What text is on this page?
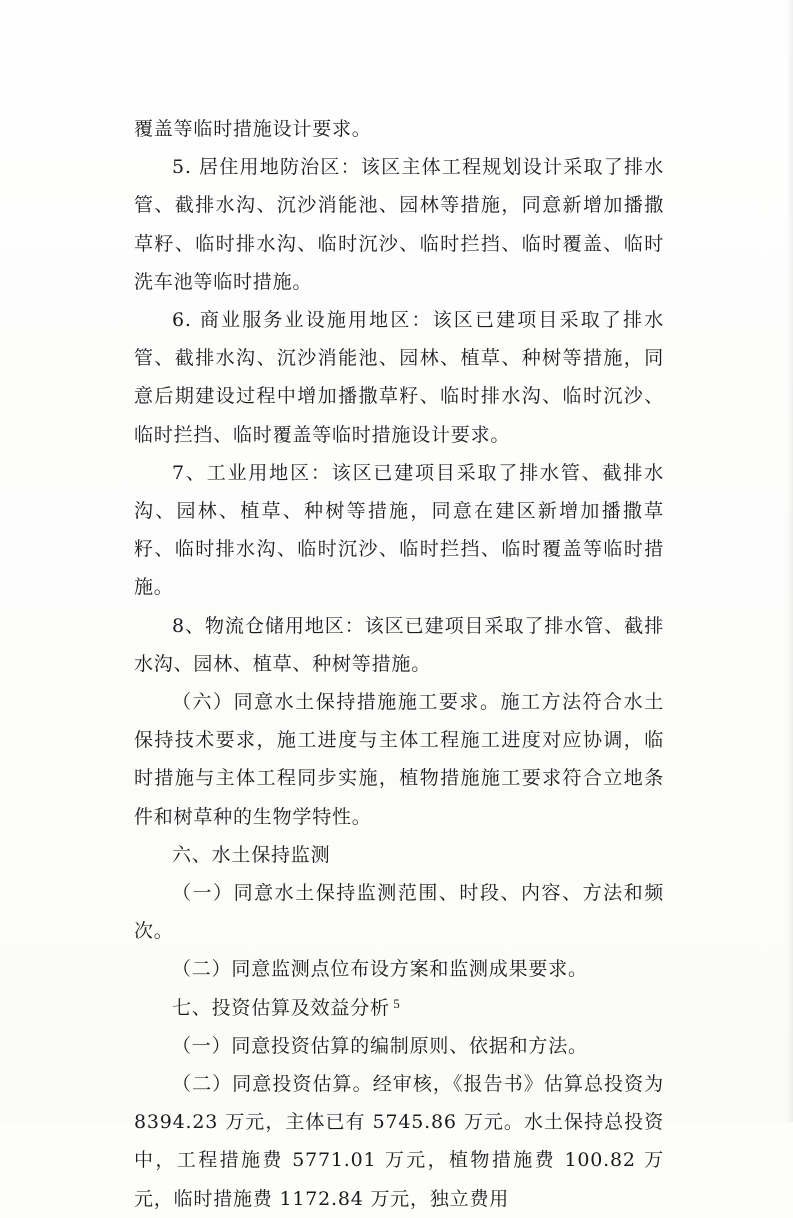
覆盖等临时措施设计要求。

5. 居住用地防治区：该区主体工程规划设计采取了排水管、截排水沟、沉沙消能池、园林等措施，同意新增加播撒草籽、临时排水沟、临时沉沙、临时拦挡、临时覆盖、临时洗车池等临时措施。

6. 商业服务业设施用地区：该区已建项目采取了排水管、截排水沟、沉沙消能池、园林、植草、种树等措施，同意后期建设过程中增加播撒草籽、临时排水沟、临时沉沙、临时拦挡、临时覆盖等临时措施设计要求。

7、工业用地区：该区已建项目采取了排水管、截排水沟、园林、植草、种树等措施，同意在建区新增加播撒草籽、临时排水沟、临时沉沙、临时拦挡、临时覆盖等临时措施。

8、物流仓储用地区：该区已建项目采取了排水管、截排水沟、园林、植草、种树等措施。

（六）同意水土保持措施施工要求。施工方法符合水土保持技术要求，施工进度与主体工程施工进度对应协调，临时措施与主体工程同步实施，植物措施施工要求符合立地条件和树草种的生物学特性。

六、水土保持监测

（一）同意水土保持监测范围、时段、内容、方法和频次。

（二）同意监测点位布设方案和监测成果要求。

七、投资估算及效益分析

（一）同意投资估算的编制原则、依据和方法。

（二）同意投资估算。经审核，《报告书》估算总投资为 8394.23 万元，主体已有 5745.86 万元。水土保持总投资中，工程措施费 5771.01 万元，植物措施费 100.82 万元，临时措施费 1172.84 万元，独立费用

5
